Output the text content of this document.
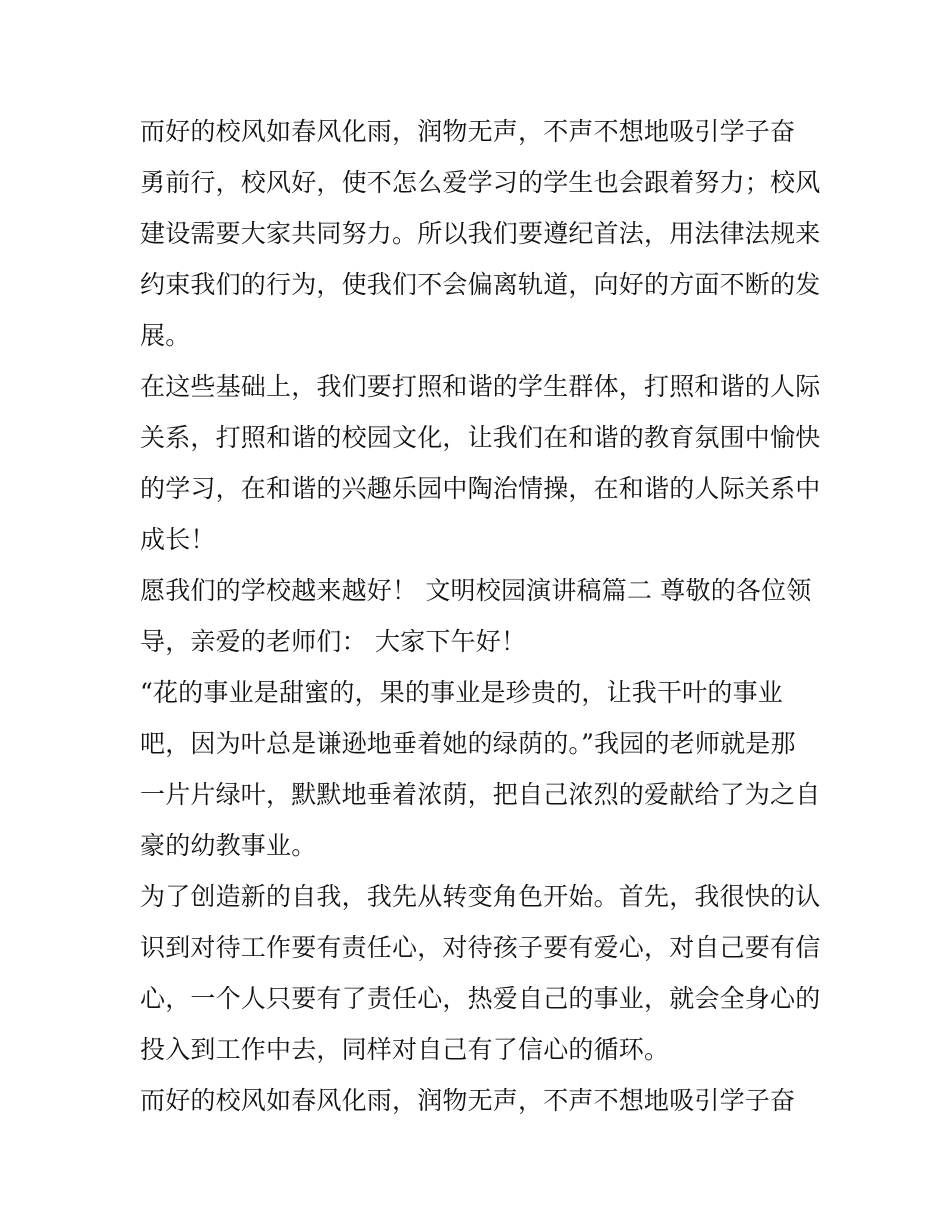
而好的校风如春风化雨，润物无声，不声不想地吸引学子奋
勇前行，校风好，使不怎么爱学习的学生也会跟着努力；校风
建设需要大家共同努力。所以我们要遵纪首法，用法律法规来
约束我们的行为，使我们不会偏离轨道，向好的方面不断的发
展。
在这些基础上，我们要打照和谐的学生群体，打照和谐的人际
关系，打照和谐的校园文化，让我们在和谐的教育氛围中愉快
的学习，在和谐的兴趣乐园中陶治情操，在和谐的人际关系中
成长！
愿我们的学校越来越好！ 文明校园演讲稿篇二 尊敬的各位领
导，亲爱的老师们： 大家下午好！
“花的事业是甜蜜的，果的事业是珍贵的，让我干叶的事业
吧，因为叶总是谦逊地垂着她的绿荫的。”我园的老师就是那
一片片绿叶，默默地垂着浓荫，把自己浓烈的爱献给了为之自
豪的幼教事业。
为了创造新的自我，我先从转变角色开始。首先，我很快的认
识到对待工作要有责任心，对待孩子要有爱心，对自己要有信
心，一个人只要有了责任心，热爱自己的事业，就会全身心的
投入到工作中去，同样对自己有了信心的循环。
而好的校风如春风化雨，润物无声，不声不想地吸引学子奋
